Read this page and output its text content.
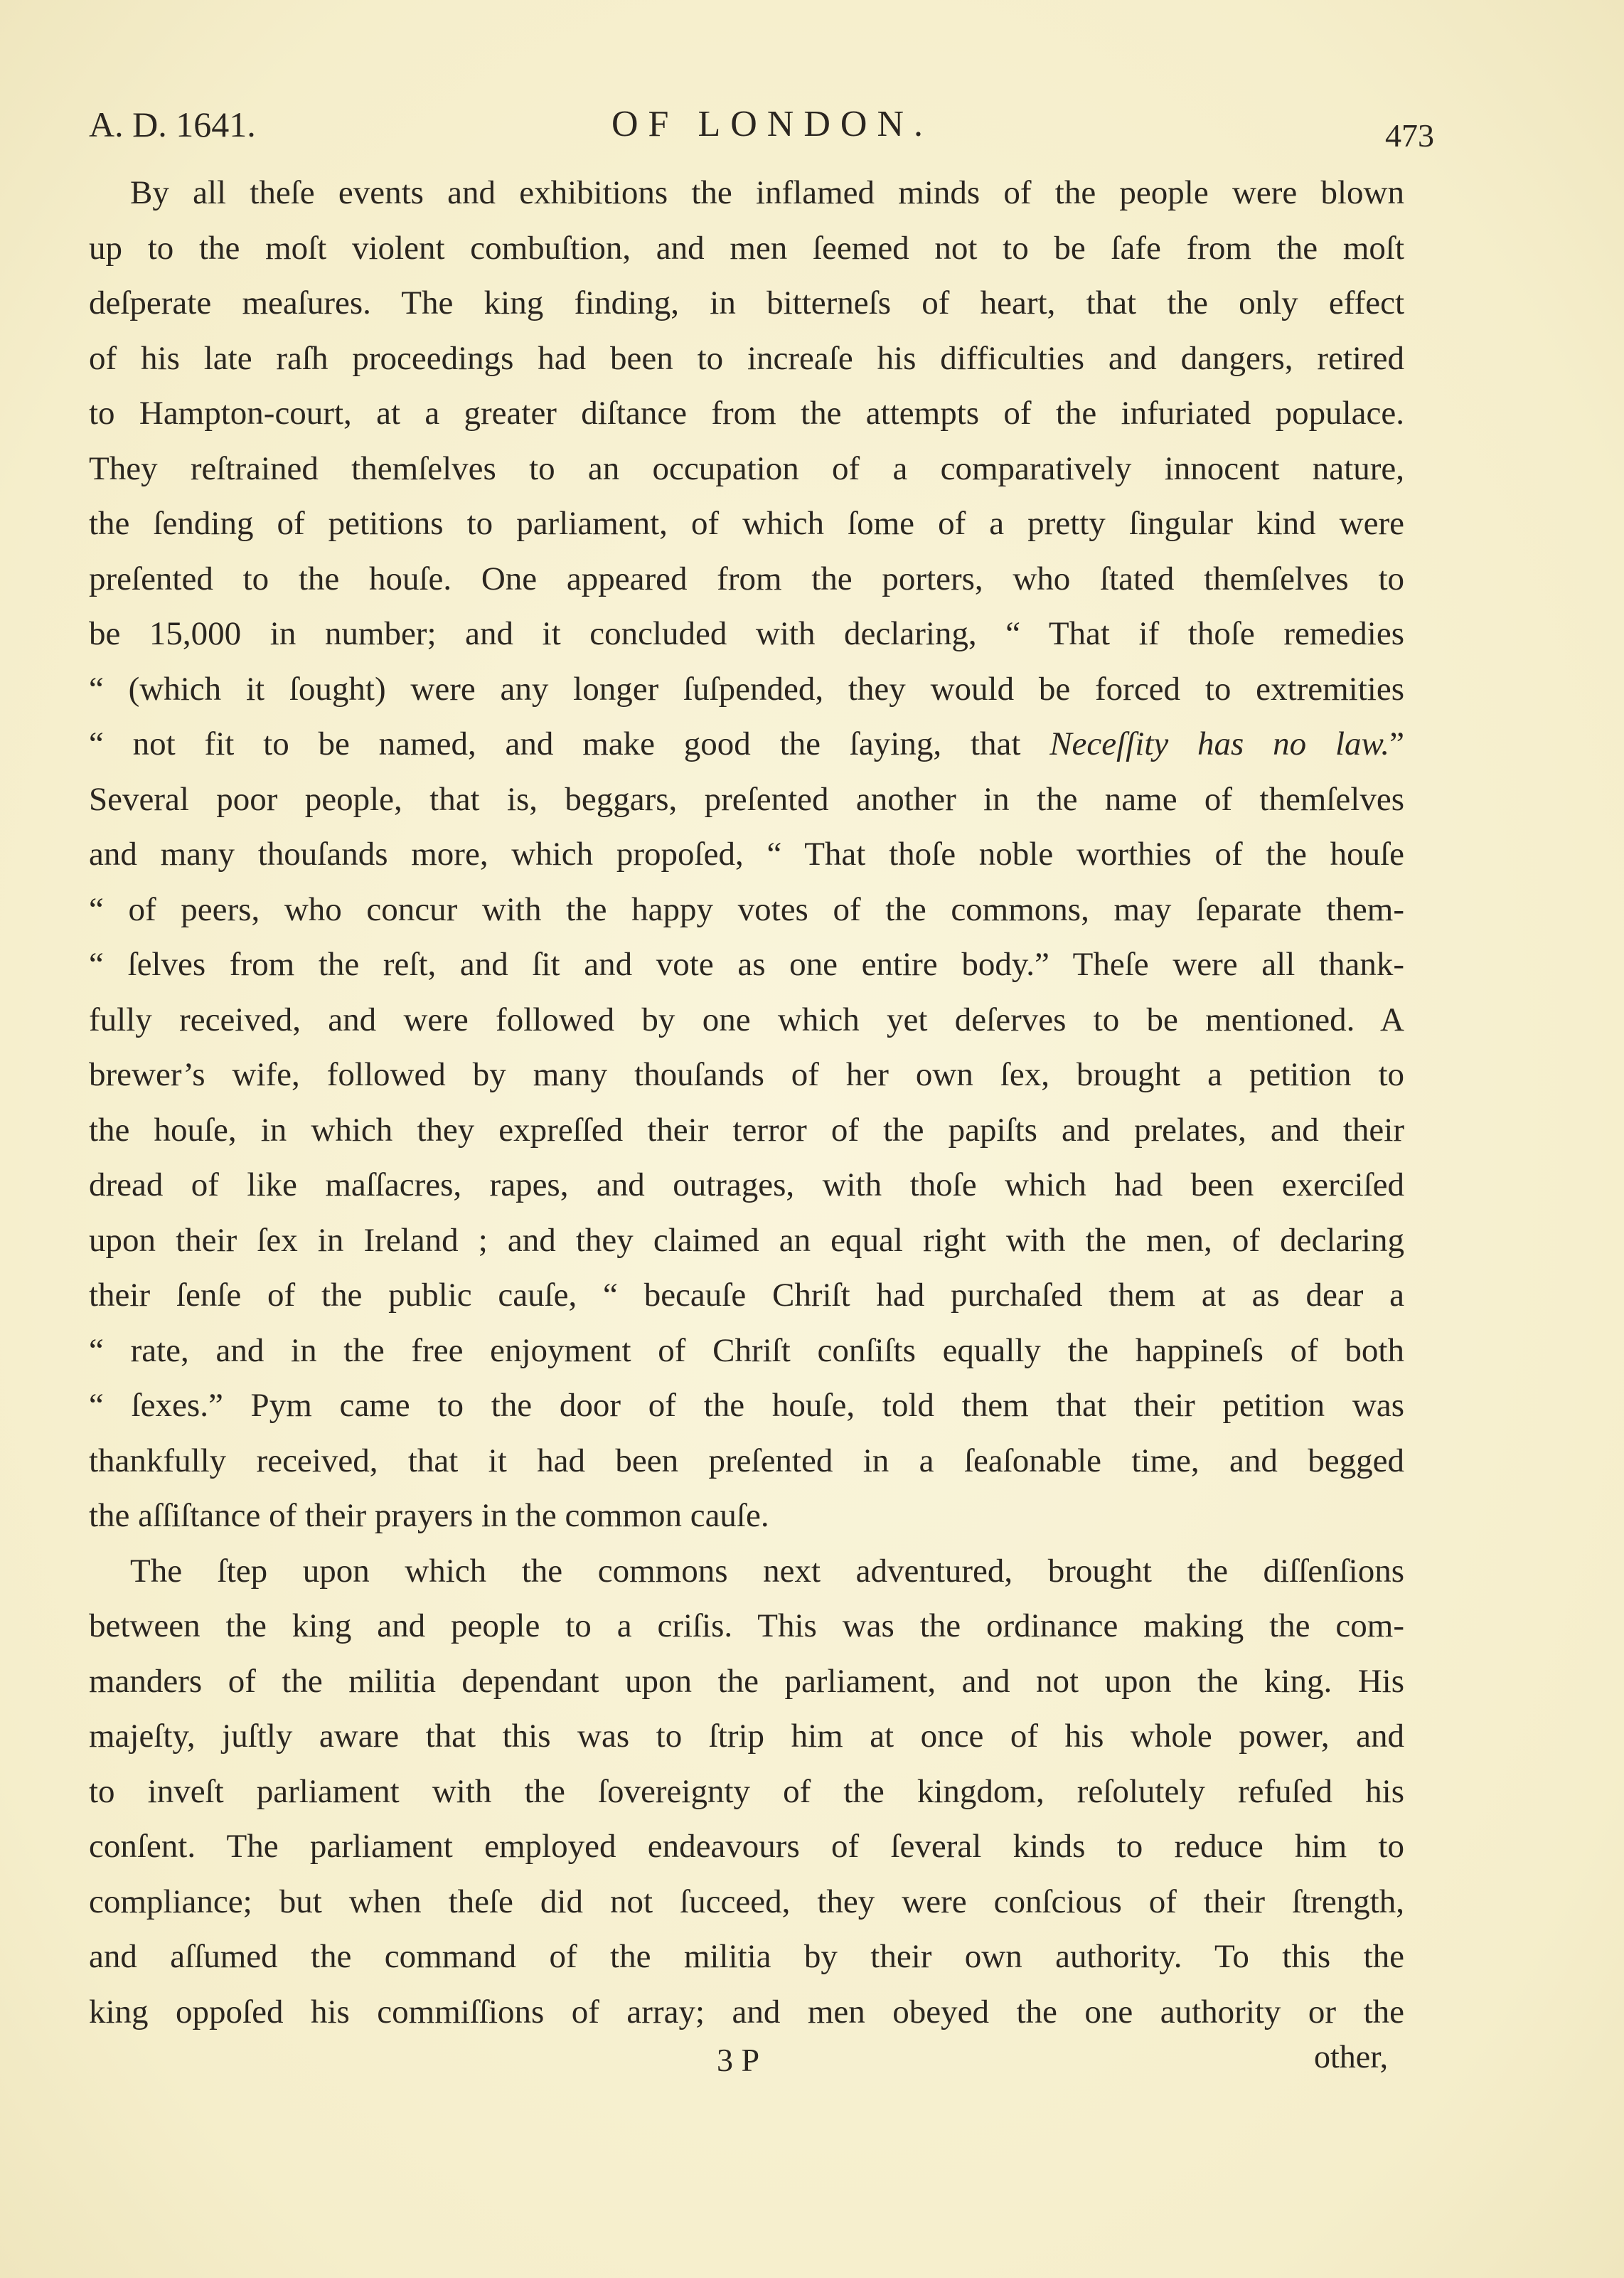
A. D. 1641.	OF LONDON.	473
By all theſe events and exhibitions the inflamed minds of the people were blown
up to the moſt violent combuſtion, and men ſeemed not to be ſafe from the moſt
deſperate meaſures. The king finding, in bitterneſs of heart, that the only effect
of his late raſh proceedings had been to increaſe his difficulties and dangers, retired
to Hampton-court, at a greater diſtance from the attempts of the infuriated populace.
They reſtrained themſelves to an occupation of a comparatively innocent nature,
the ſending of petitions to parliament, of which ſome of a pretty ſingular kind were
preſented to the houſe. One appeared from the porters, who ſtated themſelves to
be 15,000 in number; and it concluded with declaring, “ That if thoſe remedies
“ (which it ſought) were any longer ſuſpended, they would be forced to extremities
“ not fit to be named, and make good the ſaying, that Neceſſity has no law.”
Several poor people, that is, beggars, preſented another in the name of themſelves
and many thouſands more, which propoſed, “ That thoſe noble worthies of the houſe
“ of peers, who concur with the happy votes of the commons, may ſeparate them-
“ ſelves from the reſt, and ſit and vote as one entire body.” Theſe were all thank-
fully received, and were followed by one which yet deſerves to be mentioned. A
brewer’s wife, followed by many thouſands of her own ſex, brought a petition to
the houſe, in which they expreſſed their terror of the papiſts and prelates, and their
dread of like maſſacres, rapes, and outrages, with thoſe which had been exerciſed
upon their ſex in Ireland ; and they claimed an equal right with the men, of declaring
their ſenſe of the public cauſe, “ becauſe Chriſt had purchaſed them at as dear a
“ rate, and in the free enjoyment of Chriſt conſiſts equally the happineſs of both
“ ſexes.” Pym came to the door of the houſe, told them that their petition was
thankfully received, that it had been preſented in a ſeaſonable time, and begged
the aſſiſtance of their prayers in the common cauſe.
The ſtep upon which the commons next adventured, brought the diſſenſions
between the king and people to a criſis. This was the ordinance making the com-
manders of the militia dependant upon the parliament, and not upon the king. His
majeſty, juſtly aware that this was to ſtrip him at once of his whole power, and
to inveſt parliament with the ſovereignty of the kingdom, reſolutely refuſed his
conſent. The parliament employed endeavours of ſeveral kinds to reduce him to
compliance; but when theſe did not ſucceed, they were conſcious of their ſtrength,
and aſſumed the command of the militia by their own authority. To this the
king oppoſed his commiſſions of array; and men obeyed the one authority or the
3 P	other,
